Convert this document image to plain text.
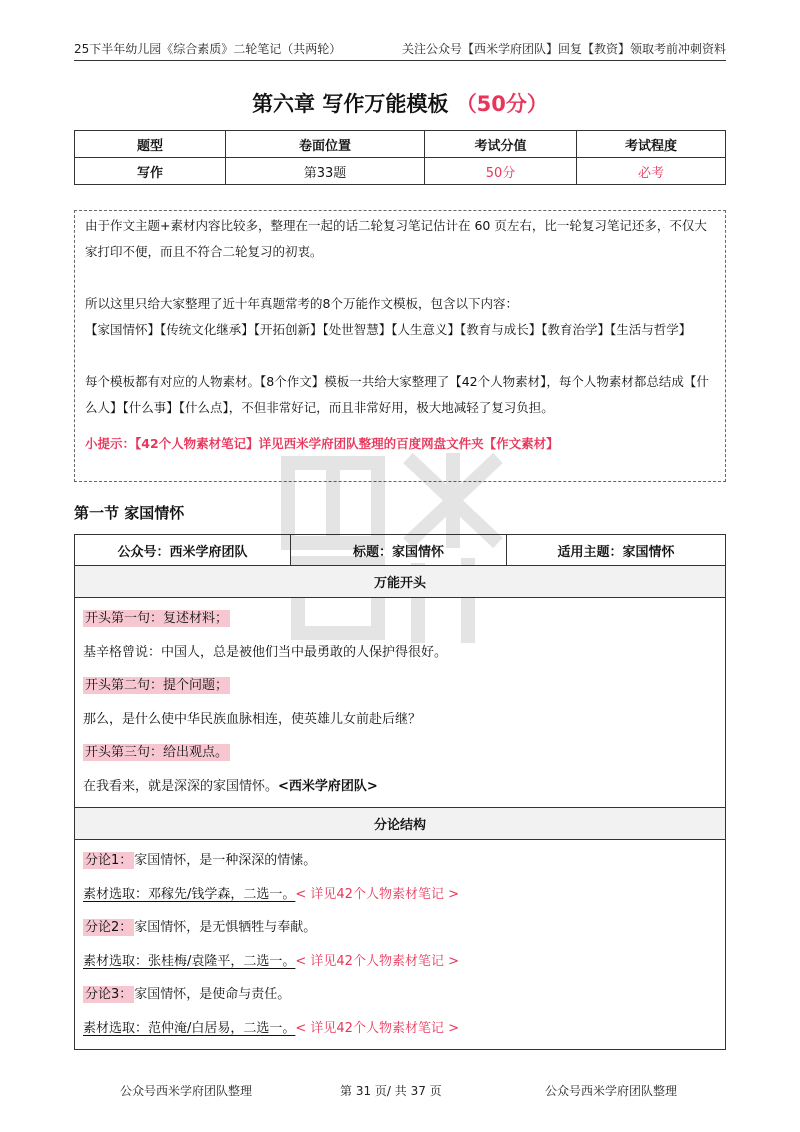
25下半年幼儿园《综合素质》二轮笔记（共两轮）	关注公众号【西米学府团队】回复【教资】领取考前冲刺资料
第六章 写作万能模板 （50分）
题型	卷面位置	考试分值	考试程度
写作	第33题	50分	必考

由于作文主题+素材内容比较多，整理在一起的话二轮复习笔记估计在 60 页左右，比一轮复习笔记还多，不仅大家打印不便，而且不符合二轮复习的初衷。

所以这里只给大家整理了近十年真题常考的8个万能作文模板，包含以下内容：

【家国情怀】【传统文化继承】【开拓创新】【处世智慧】【人生意义】【教育与成长】【教育治学】【生活与哲学】

每个模板都有对应的人物素材。【8个作文】模板一共给大家整理了【42个人物素材】，每个人物素材都总结成【什么人】【什么事】【什么点】，不但非常好记，而且非常好用，极大地减轻了复习负担。

小提示：【42个人物素材笔记】详见西米学府团队整理的百度网盘文件夹【作文素材】

第一节 家国情怀
公众号：西米学府团队	标题：家国情怀	适用主题：家国情怀
万能开头

开头第一句：复述材料；

基辛格曾说：中国人，总是被他们当中最勇敢的人保护得很好。

开头第二句：提个问题；

那么，是什么使中华民族血脉相连，使英雄儿女前赴后继？

开头第三句：给出观点。

在我看来，就是深深的家国情怀。<西米学府团队>

分论结构

分论1： 家国情怀，是一种深深的情愫。

素材选取：邓稼先/钱学森，二选一。< 详见42个人物素材笔记 >

分论2： 家国情怀，是无惧牺牲与奉献。

素材选取：张桂梅/袁隆平，二选一。< 详见42个人物素材笔记 >

分论3： 家国情怀，是使命与责任。

素材选取：范仲淹/白居易，二选一。< 详见42个人物素材笔记 >

公众号西米学府团队整理	第 31 页/ 共 37 页	公众号西米学府团队整理
